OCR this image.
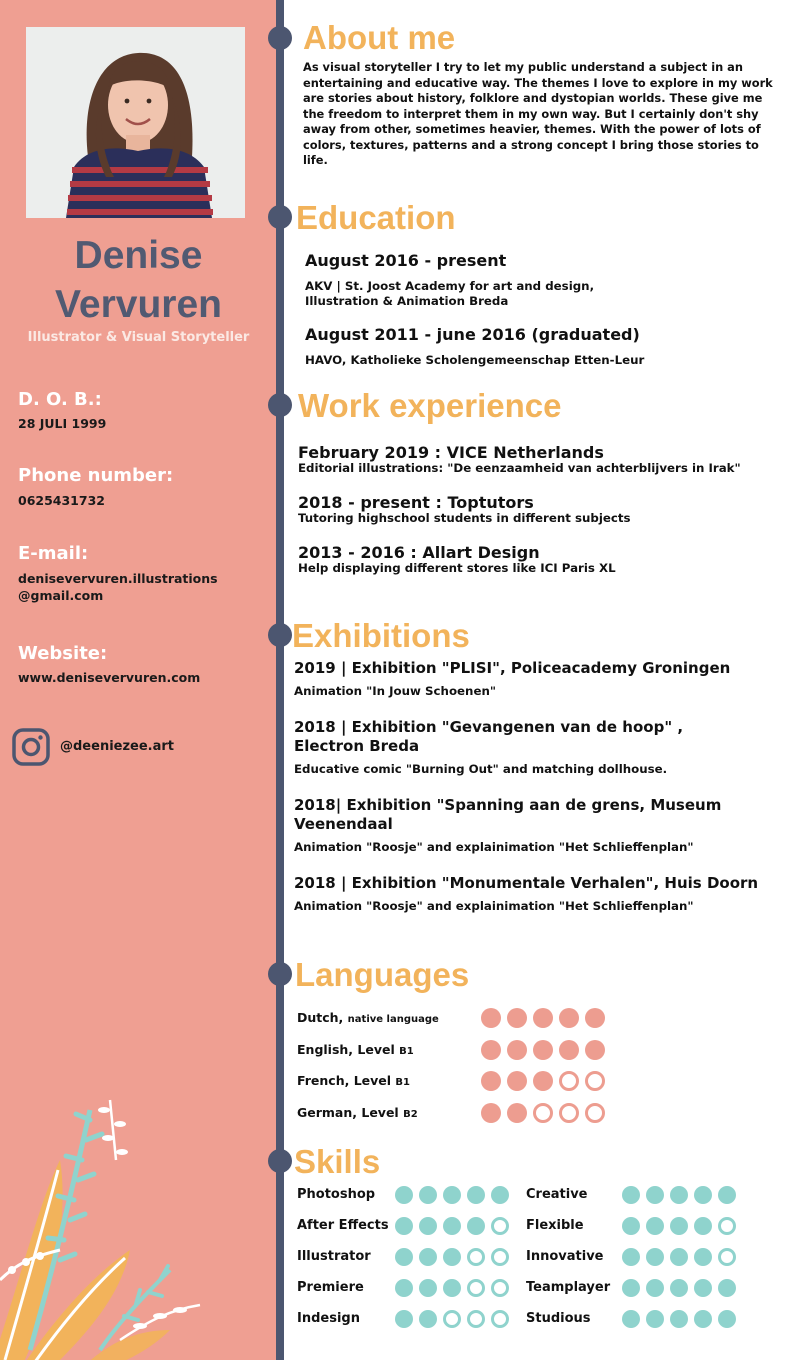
Denise
Vervuren
Illustrator & Visual Storyteller
D. O. B.:
28 JULI 1999
Phone number:
0625431732
E-mail:
denisevervuren.illustrations
@gmail.com
Website:
www.denisevervuren.com
@deeniezee.art
About me
As visual storyteller I try to let my public understand a subject in an entertaining and educative way. The themes I love to explore in my work are stories about history, folklore and dystopian worlds. These give me the freedom to interpret them in my own way. But I certainly don't shy away from other, sometimes heavier, themes. With the power of lots of colors, textures, patterns and a strong concept I bring those stories to life.
Education
August 2016 - present
AKV | St. Joost Academy for art and design,
Illustration & Animation Breda
August 2011 - june 2016 (graduated)
HAVO, Katholieke Scholengemeenschap Etten-Leur
Work experience
February 2019 : VICE Netherlands
Editorial illustrations: "De eenzaamheid van achterblijvers in Irak"
2018 - present : Toptutors
Tutoring highschool students in different subjects
2013 - 2016 : Allart Design
Help displaying different stores like ICI Paris XL
Exhibitions
2019 | Exhibition "PLISI", Policeacademy Groningen
Animation "In Jouw Schoenen"
2018 | Exhibition "Gevangenen van de hoop" , Electron Breda
Educative comic "Burning Out" and matching dollhouse.
2018| Exhibition "Spanning aan de grens, Museum Veenendaal
Animation "Roosje" and explainimation "Het Schlieffenplan"
2018 | Exhibition "Monumentale Verhalen", Huis Doorn
Animation "Roosje" and explainimation "Het Schlieffenplan"
Languages
Dutch, native language
English, Level B1
French, Level B1
German, Level B2
Skills
Photoshop
After Effects
Illustrator
Premiere
Indesign
Creative
Flexible
Innovative
Teamplayer
Studious
